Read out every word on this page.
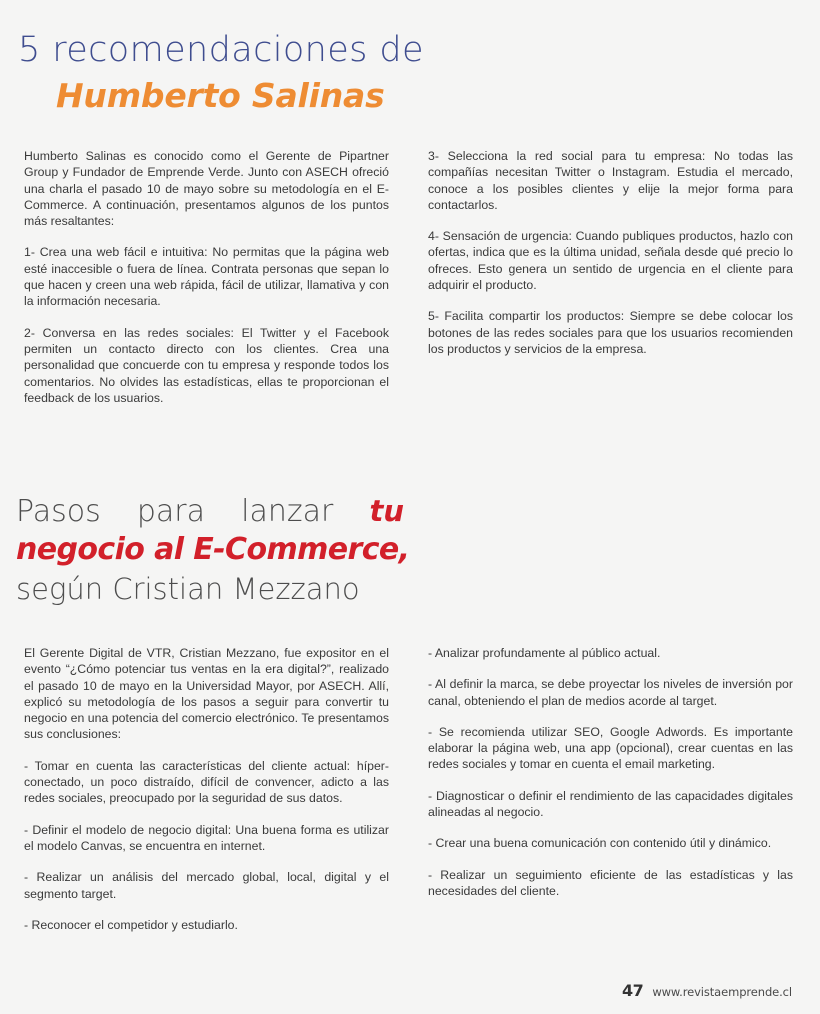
5 recomendaciones de
Humberto Salinas

Humberto Salinas es conocido como el Gerente de Pipartner Group y Fundador de Emprende Verde. Junto con ASECH ofreció una charla el pasado 10 de mayo sobre su metodología en el E-Commerce. A continuación, presentamos algunos de los puntos más resaltantes:

1- Crea una web fácil e intuitiva: No permitas que la página web esté inaccesible o fuera de línea. Contrata personas que sepan lo que hacen y creen una web rápida, fácil de utilizar, llamativa y con la información necesaria.

2- Conversa en las redes sociales: El Twitter y el Facebook permiten un contacto directo con los clientes. Crea una personalidad que concuerde con tu empresa y responde todos los comentarios. No olvides las estadísticas, ellas te proporcionan el feedback de los usuarios.

3- Selecciona la red social para tu empresa: No todas las compañías necesitan Twitter o Instagram. Estudia el mercado, conoce a los posibles clientes y elije la mejor forma para contactarlos.

4- Sensación de urgencia: Cuando publiques productos, hazlo con ofertas, indica que es la última unidad, señala desde qué precio lo ofreces. Esto genera un sentido de urgencia en el cliente para adquirir el producto.

5- Facilita compartir los productos: Siempre se debe colocar los botones de las redes sociales para que los usuarios recomienden los productos y servicios de la empresa.

Pasos para lanzar tu
negocio al E-Commerce,
según Cristian Mezzano

El Gerente Digital de VTR, Cristian Mezzano, fue expositor en el evento “¿Cómo potenciar tus ventas en la era digital?”, realizado el pasado 10 de mayo en la Universidad Mayor, por ASECH. Allí, explicó su metodología de los pasos a seguir para convertir tu negocio en una potencia del comercio electrónico. Te presentamos sus conclusiones:

- Tomar en cuenta las características del cliente actual: híper-conectado, un poco distraído, difícil de convencer, adicto a las redes sociales, preocupado por la seguridad de sus datos.

- Definir el modelo de negocio digital: Una buena forma es utilizar el modelo Canvas, se encuentra en internet.

- Realizar un análisis del mercado global, local, digital y el segmento target.

- Reconocer el competidor y estudiarlo.

- Analizar profundamente al público actual.

- Al definir la marca, se debe proyectar los niveles de inversión por canal, obteniendo el plan de medios acorde al target.

- Se recomienda utilizar SEO, Google Adwords. Es importante elaborar la página web, una app (opcional), crear cuentas en las redes sociales y tomar en cuenta el email marketing.

- Diagnosticar o definir el rendimiento de las capacidades digitales alineadas al negocio.

- Crear una buena comunicación con contenido útil y dinámico.

- Realizar un seguimiento eficiente de las estadísticas y las necesidades del cliente.

47 www.revistaemprende.cl
